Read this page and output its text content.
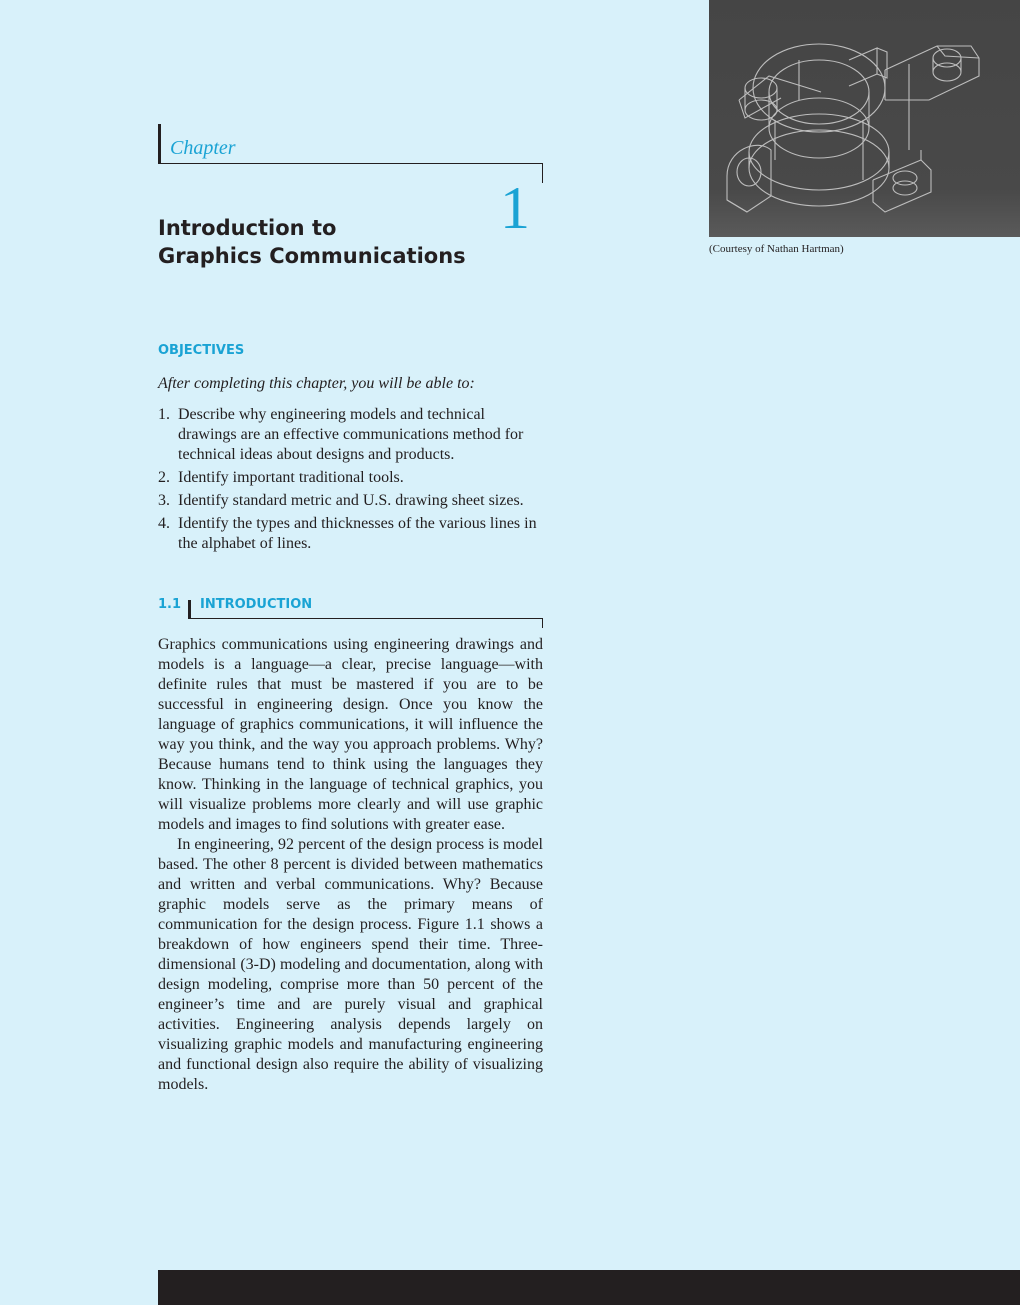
Chapter
1
Introduction to
Graphics Communications	(Courtesy of Nathan Hartman)
OBJECTIVES
After completing this chapter, you will be able to:
1. Describe why engineering models and technical drawings are an effective communications method for technical ideas about designs and products.
2. Identify important traditional tools.
3. Identify standard metric and U.S. drawing sheet sizes.
4. Identify the types and thicknesses of the various lines in the alphabet of lines.
1.1 INTRODUCTION

Graphics communications using engineering drawings and models is a language—a clear, precise language—with definite rules that must be mastered if you are to be successful in engineering design. Once you know the language of graphics communications, it will influence the way you think, and the way you approach problems. Why? Because humans tend to think using the languages they know. Thinking in the language of technical graphics, you will visualize problems more clearly and will use graphic models and images to find solutions with greater ease.

In engineering, 92 percent of the design process is model based. The other 8 percent is divided between mathematics and written and verbal communications. Why? Because graphic models serve as the primary means of communication for the design process. Figure 1.1 shows a breakdown of how engineers spend their time. Three-dimensional (3-D) modeling and documentation, along with design modeling, comprise more than 50 percent of the engineer’s time and are purely visual and graphical activities. Engineering analysis depends largely on visualizing graphic models and manufacturing engineering and functional design also require the ability of visualizing models.
